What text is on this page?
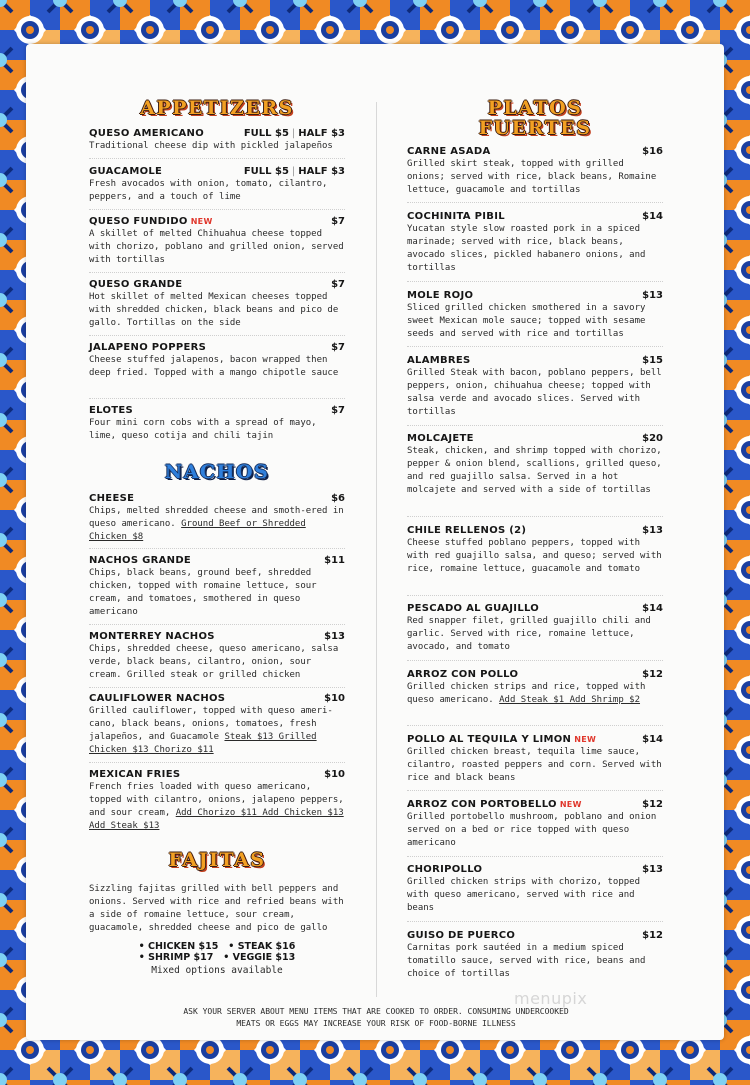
APPETIZERS
QUESO AMERICANO	FULL $5 | HALF $3
Traditional cheese dip with pickled jalapeños
GUACAMOLE	FULL $5 | HALF $3
Fresh avocados with onion, tomato, cilantro, peppers, and a touch of lime
QUESO FUNDIDO NEW	$7
A skillet of melted Chihuahua cheese topped with chorizo, poblano and grilled onion, served with tortillas
QUESO GRANDE	$7
Hot skillet of melted Mexican cheeses topped with shredded chicken, black beans and pico de gallo. Tortillas on the side
JALAPENO POPPERS	$7
Cheese stuffed jalapenos, bacon wrapped then deep fried. Topped with a mango chipotle sauce
ELOTES	$7
Four mini corn cobs with a spread of mayo, lime, queso cotija and chili tajin
NACHOS
CHEESE	$6
Chips, melted shredded cheese and smoth-ered in queso americano. Ground Beef or Shredded Chicken $8
NACHOS GRANDE	$11
Chips, black beans, ground beef, shredded chicken, topped with romaine lettuce, sour cream, and tomatoes, smothered in queso americano
MONTERREY NACHOS	$13
Chips, shredded cheese, queso americano, salsa verde, black beans, cilantro, onion, sour cream. Grilled steak or grilled chicken
CAULIFLOWER NACHOS	$10
Grilled cauliflower, topped with queso ameri-cano, black beans, onions, tomatoes, fresh jalapeños, and Guacamole Steak $13 Grilled Chicken $13 Chorizo $11
MEXICAN FRIES	$10
French fries loaded with queso americano, topped with cilantro, onions, jalapeno peppers, and sour cream, Add Chorizo $11 Add Chicken $13 Add Steak $13
FAJITAS
Sizzling fajitas grilled with bell peppers and onions. Served with rice and refried beans with a side of romaine lettuce, sour cream, guacamole, shredded cheese and pico de gallo
• CHICKEN $15   • STEAK $16
• SHRIMP $17   • VEGGIE $13
Mixed options available
PLATOS
FUERTES
CARNE ASADA	$16
Grilled skirt steak, topped with grilled onions; served with rice, black beans, Romaine lettuce, guacamole and tortillas
COCHINITA PIBIL	$14
Yucatan style slow roasted pork in a spiced marinade; served with rice, black beans, avocado slices, pickled habanero onions, and tortillas
MOLE ROJO	$13
Sliced grilled chicken smothered in a savory sweet Mexican mole sauce; topped with sesame seeds and served with rice and tortillas
ALAMBRES	$15
Grilled Steak with bacon, poblano peppers, bell peppers, onion, chihuahua cheese; topped with salsa verde and avocado slices. Served with tortillas
MOLCAJETE	$20
Steak, chicken, and shrimp topped with chorizo, pepper & onion blend, scallions, grilled queso, and red guajillo salsa. Served in a hot molcajete and served with a side of tortillas
CHILE RELLENOS (2)	$13
Cheese stuffed poblano peppers, topped with with red guajillo salsa, and queso; served with rice, romaine lettuce, guacamole and tomato
PESCADO AL GUAJILLO	$14
Red snapper filet, grilled guajillo chili and garlic. Served with rice, romaine lettuce, avocado, and tomato
ARROZ CON POLLO	$12
Grilled chicken strips and rice, topped with queso americano. Add Steak $1 Add Shrimp $2
POLLO AL TEQUILA Y LIMON NEW	$14
Grilled chicken breast, tequila lime sauce, cilantro, roasted peppers and corn. Served with rice and black beans
ARROZ CON PORTOBELLO NEW	$12
Grilled portobello mushroom, poblano and onion served on a bed or rice topped with queso americano
CHORIPOLLO	$13
Grilled chicken strips with chorizo, topped with queso americano, served with rice and beans
GUISO DE PUERCO	$12
Carnitas pork sautéed in a medium spiced tomatillo sauce, served with rice, beans and choice of tortillas
menupix
ASK YOUR SERVER ABOUT MENU ITEMS THAT ARE COOKED TO ORDER. CONSUMING UNDERCOOKED
MEATS OR EGGS MAY INCREASE YOUR RISK OF FOOD-BORNE ILLNESS
